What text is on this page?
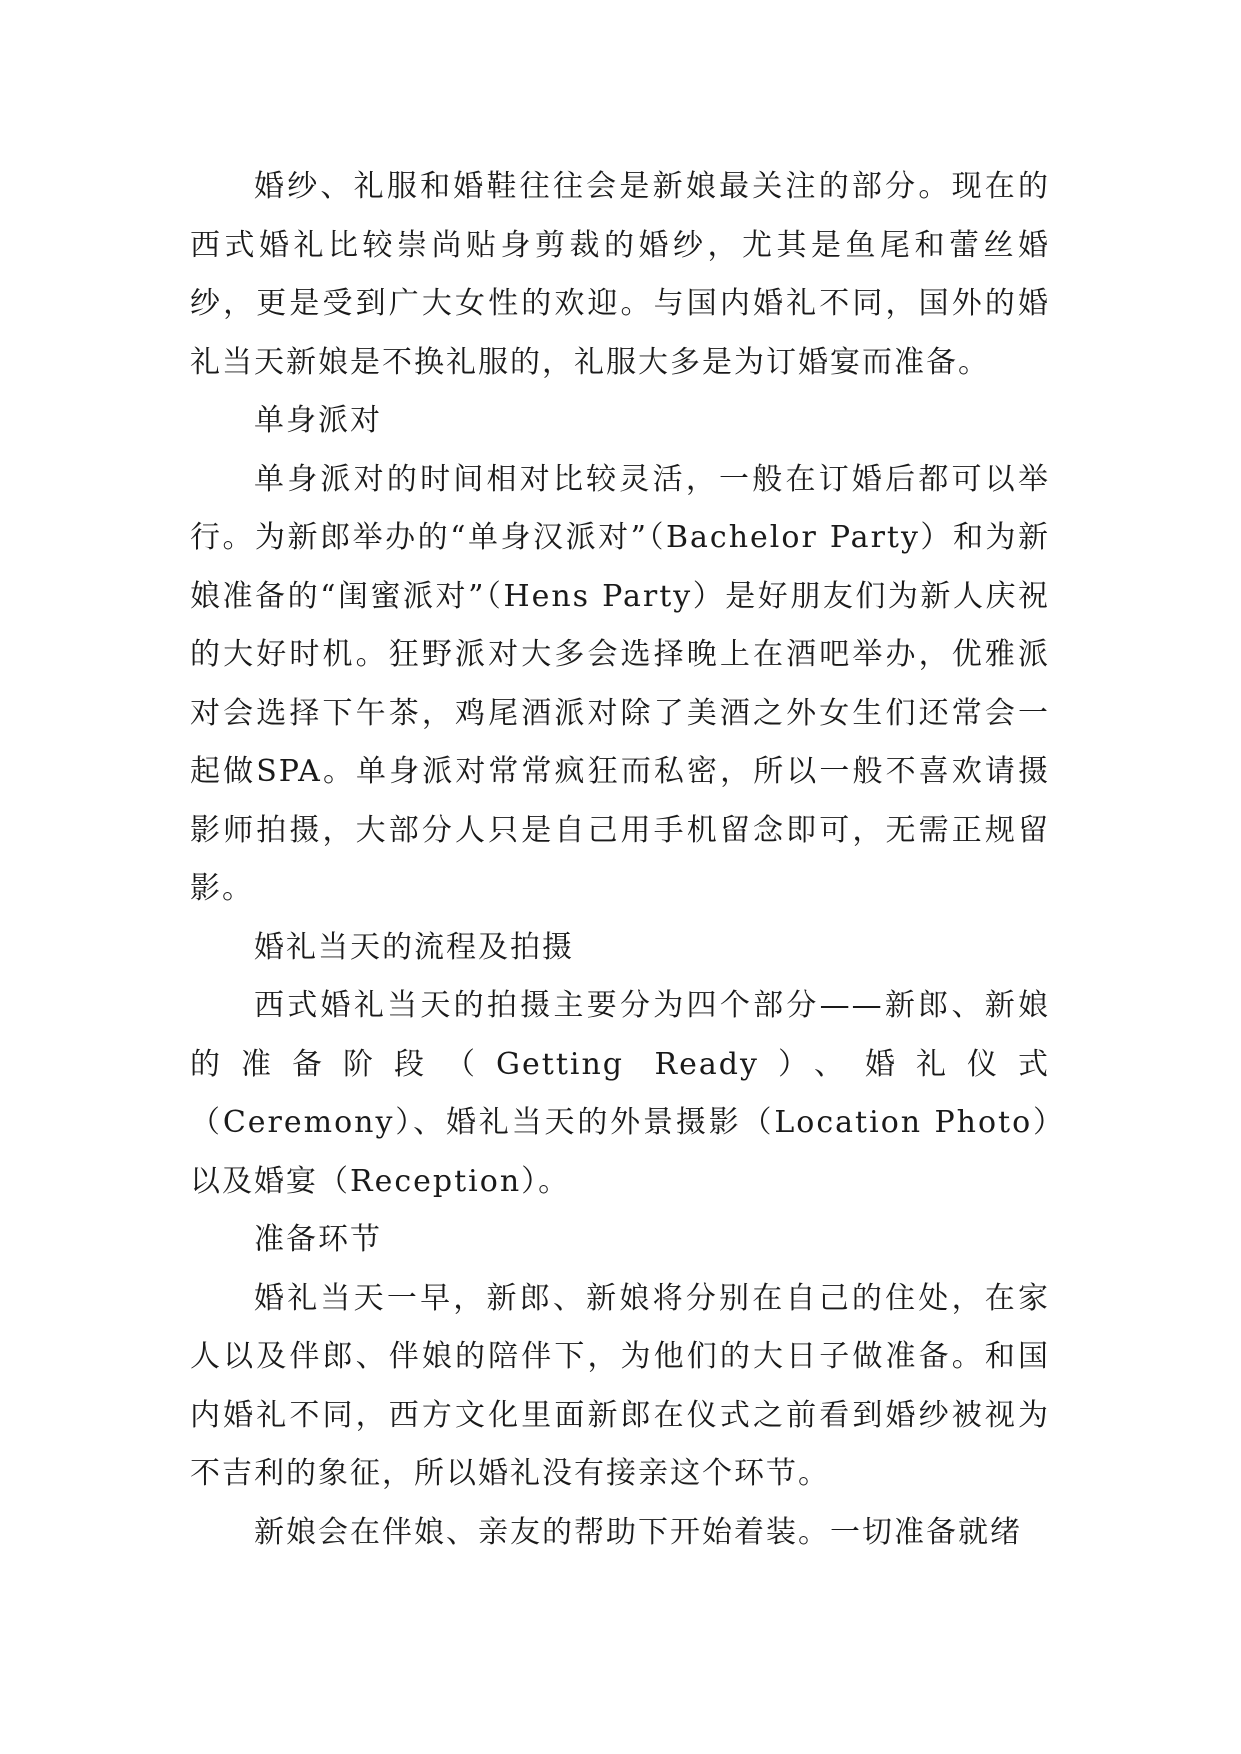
婚纱、礼服和婚鞋往往会是新娘最关注的部分。现在的西式婚礼比较崇尚贴身剪裁的婚纱，尤其是鱼尾和蕾丝婚纱，更是受到广大女性的欢迎。与国内婚礼不同，国外的婚礼当天新娘是不换礼服的，礼服大多是为订婚宴而准备。

单身派对

单身派对的时间相对比较灵活，一般在订婚后都可以举行。为新郎举办的“单身汉派对”（Bachelor Party）和为新娘准备的“闺蜜派对”（Hens Party）是好朋友们为新人庆祝的大好时机。狂野派对大多会选择晚上在酒吧举办，优雅派对会选择下午茶，鸡尾酒派对除了美酒之外女生们还常会一起做SPA。单身派对常常疯狂而私密，所以一般不喜欢请摄影师拍摄，大部分人只是自己用手机留念即可，无需正规留影。

婚礼当天的流程及拍摄

西式婚礼当天的拍摄主要分为四个部分——新郎、新娘的准备阶段（Getting Ready）、婚礼仪式（Ceremony）、婚礼当天的外景摄影（Location Photo）以及婚宴（Reception）。

准备环节

婚礼当天一早，新郎、新娘将分别在自己的住处，在家人以及伴郎、伴娘的陪伴下，为他们的大日子做准备。和国内婚礼不同，西方文化里面新郎在仪式之前看到婚纱被视为不吉利的象征，所以婚礼没有接亲这个环节。

新娘会在伴娘、亲友的帮助下开始着装。一切准备就绪
